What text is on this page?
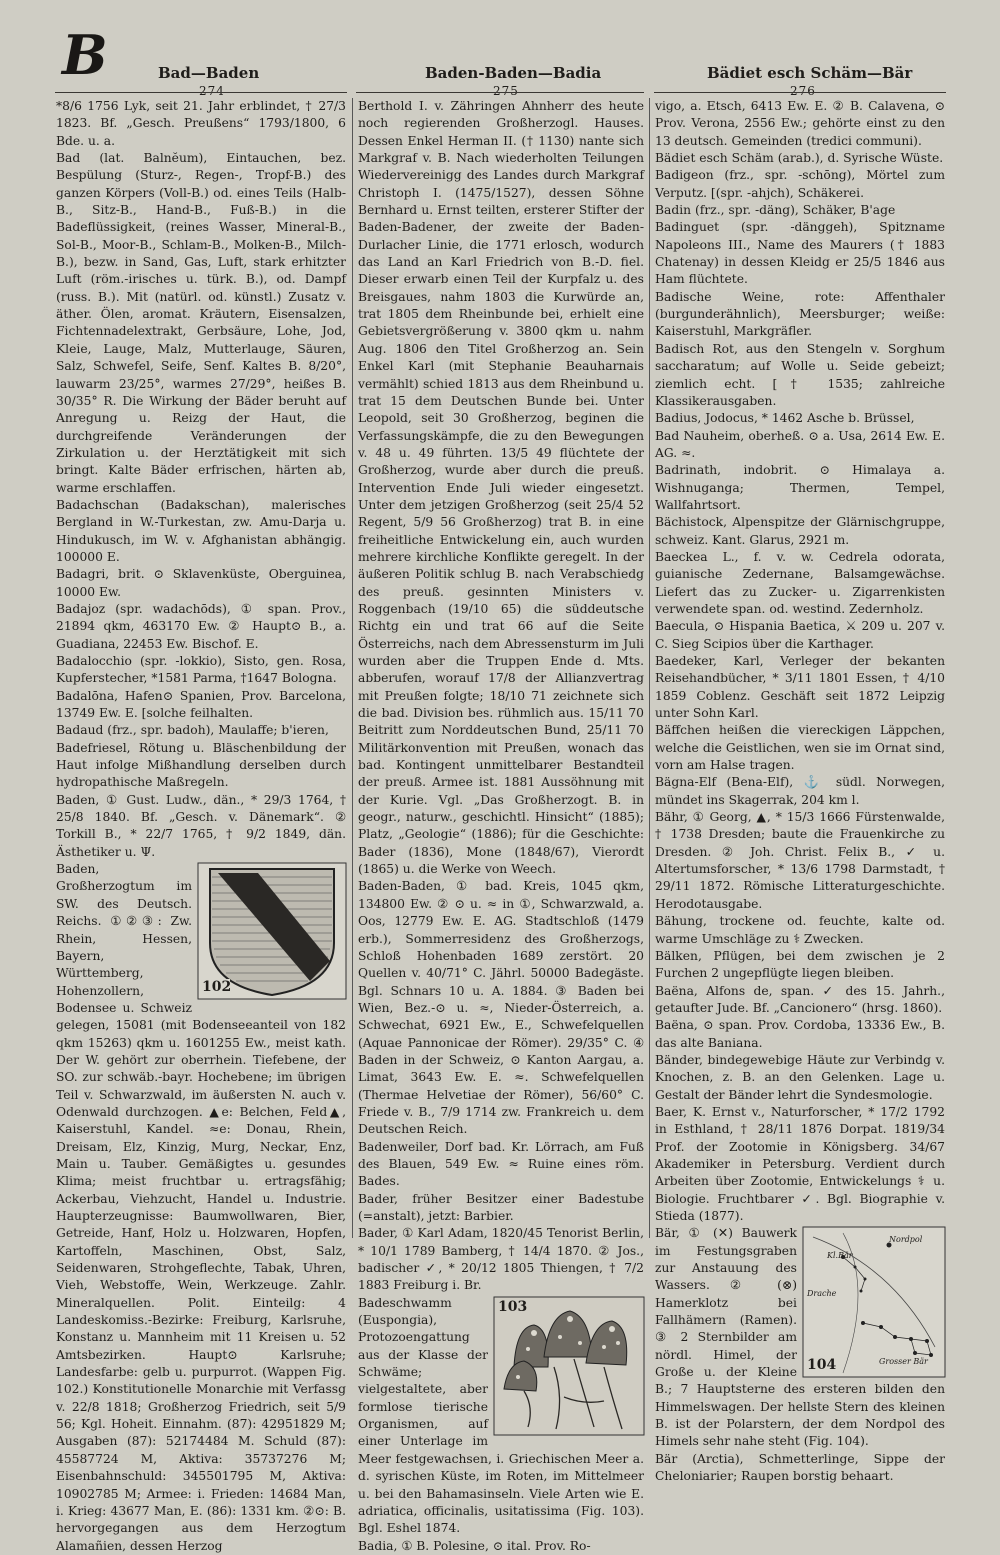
B	Bad—Baden	Baden-Baden—Badia	Bädiet esch Schäm—Bär
274	275	276

*8/6 1756 Lyk, seit 21. Jahr erblindet, † 27/3 1823. Bf. „Gesch. Preußens“ 1793/1800, 6 Bde. u. a.

Bad (lat. Balnĕum), Eintauchen, bez. Bespülung (Sturz-, Regen-, Tropf-B.) des ganzen Körpers (Voll-B.) od. eines Teils (Halb-B., Sitz-B., Hand-B., Fuß-B.) in die Badeflüssigkeit, (reines Wasser, Mineral-B., Sol-B., Moor-B., Schlam-B., Molken-B., Milch-B.), bezw. in Sand, Gas, Luft, stark erhitzter Luft (röm.-irisches u. türk. B.), od. Dampf (russ. B.). Mit (natürl. od. künstl.) Zusatz v. äther. Ölen, aromat. Kräutern, Eisensalzen, Fichtennadelextrakt, Gerbsäure, Lohe, Jod, Kleie, Lauge, Malz, Mutterlauge, Säuren, Salz, Schwefel, Seife, Senf. Kaltes B. 8/20°, lauwarm 23/25°, warmes 27/29°, heißes B. 30/35° R. Die Wirkung der Bäder beruht auf Anregung u. Reizg der Haut, die durchgreifende Veränderungen der Zirkulation u. der Herztätigkeit mit sich bringt. Kalte Bäder erfrischen, härten ab, warme erschlaffen.

Badachschan (Badakschan), malerisches Bergland in W.-Turkestan, zw. Amu-Darja u. Hindukusch, im W. v. Afghanistan abhängig. 100000 E.

Badagri, brit. ⊙ Sklavenküste, Oberguinea, 10000 Ew.

Badajoz (spr. wadachōds), ① span. Prov., 21894 qkm, 463170 Ew. ② Haupt⊙ B., a. Guadiana, 22453 Ew. Bischof. E.

Badalocchio (spr. -lokkio), Sisto, gen. Rosa, Kupferstecher, *1581 Parma, †1647 Bologna.

Badalōna, Hafen⊙ Spanien, Prov. Barcelona, 13749 Ew. E. [solche feilhalten.

Badaud (frz., spr. badoh), Maulaffe; b'ieren,

Badefriesel, Rötung u. Bläschenbildung der Haut infolge Mißhandlung derselben durch hydropathische Maßregeln.

Baden, ① Gust. Ludw., dän., * 29/3 1764, † 25/8 1840. Bf. „Gesch. v. Dänemark“. ② Torkill B., * 22/7 1765, † 9/2 1849, dän. Ästhetiker u. Ψ.

102

Baden, Großherzogtum im SW. des Deutsch. Reichs. ①②③: Zw. Rhein, Hessen, Bayern, Württemberg, Hohenzollern, Bodensee u. Schweiz gelegen, 15081 (mit Bodenseeanteil von 182 qkm 15263) qkm u. 1601255 Ew., meist kath. Der W. gehört zur oberrhein. Tiefebene, der SO. zur schwäb.-bayr. Hochebene; im übrigen Teil v. Schwarzwald, im äußersten N. auch v. Odenwald durchzogen. ▲e: Belchen, Feld▲, Kaiserstuhl, Kandel. ≈e: Donau, Rhein, Dreisam, Elz, Kinzig, Murg, Neckar, Enz, Main u. Tauber. Gemäßigtes u. gesundes Klima; meist fruchtbar u. ertragsfähig; Ackerbau, Viehzucht, Handel u. Industrie. Haupterzeugnisse: Baumwollwaren, Bier, Getreide, Hanf, Holz u. Holzwaren, Hopfen, Kartoffeln, Maschinen, Obst, Salz, Seidenwaren, Strohgeflechte, Tabak, Uhren, Vieh, Webstoffe, Wein, Werkzeuge. Zahlr. Mineralquellen. Polit. Einteilg: 4 Landeskomiss.-Bezirke: Freiburg, Karlsruhe, Konstanz u. Mannheim mit 11 Kreisen u. 52 Amtsbezirken. Haupt⊙ Karlsruhe; Landesfarbe: gelb u. purpurrot. (Wappen Fig. 102.) Konstitutionelle Monarchie mit Verfassg v. 22/8 1818; Großherzog Friedrich, seit 5/9 56; Kgl. Hoheit. Einnahm. (87): 42951829 M; Ausgaben (87): 52174484 M. Schuld (87): 45587724 M, Aktiva: 35737276 M; Eisenbahnschuld: 345501795 M, Aktiva: 10902785 M; Armee: i. Frieden: 14684 Man, i. Krieg: 43677 Man, E. (86): 1331 km. ②⊙: B. hervorgegangen aus dem Herzogtum Alamañien, dessen Herzog

Berthold I. v. Zähringen Ahnherr des heute noch regierenden Großherzogl. Hauses. Dessen Enkel Herman II. († 1130) nante sich Markgraf v. B. Nach wiederholten Teilungen Wiedervereinigg des Landes durch Markgraf Christoph I. (1475/1527), dessen Söhne Bernhard u. Ernst teilten, ersterer Stifter der Baden-Badener, der zweite der Baden-Durlacher Linie, die 1771 erlosch, wodurch das Land an Karl Friedrich von B.-D. fiel. Dieser erwarb einen Teil der Kurpfalz u. des Breisgaues, nahm 1803 die Kurwürde an, trat 1805 dem Rheinbunde bei, erhielt eine Gebietsvergrößerung v. 3800 qkm u. nahm Aug. 1806 den Titel Großherzog an. Sein Enkel Karl (mit Stephanie Beauharnais vermählt) schied 1813 aus dem Rheinbund u. trat 15 dem Deutschen Bunde bei. Unter Leopold, seit 30 Großherzog, beginen die Verfassungskämpfe, die zu den Bewegungen v. 48 u. 49 führten. 13/5 49 flüchtete der Großherzog, wurde aber durch die preuß. Intervention Ende Juli wieder eingesetzt. Unter dem jetzigen Großherzog (seit 25/4 52 Regent, 5/9 56 Großherzog) trat B. in eine freiheitliche Entwickelung ein, auch wurden mehrere kirchliche Konflikte geregelt. In der äußeren Politik schlug B. nach Verabschiedg des preuß. gesinnten Ministers v. Roggenbach (19/10 65) die süddeutsche Richtg ein und trat 66 auf die Seite Österreichs, nach dem Abressensturm im Juli wurden aber die Truppen Ende d. Mts. abberufen, worauf 17/8 der Allianzvertrag mit Preußen folgte; 18/10 71 zeichnete sich die bad. Division bes. rühmlich aus. 15/11 70 Beitritt zum Norddeutschen Bund, 25/11 70 Militärkonvention mit Preußen, wonach das bad. Kontingent unmittelbarer Bestandteil der preuß. Armee ist. 1881 Aussöhnung mit der Kurie. Vgl. „Das Großherzogt. B. in geogr., naturw., geschichtl. Hinsicht“ (1885); Platz, „Geologie“ (1886); für die Geschichte: Bader (1836), Mone (1848/67), Vierordt (1865) u. die Werke von Weech.

Baden-Baden, ① bad. Kreis, 1045 qkm, 134800 Ew. ② ⊙ u. ≈ in ①, Schwarzwald, a. Oos, 12779 Ew. E. AG. Stadtschloß (1479 erb.), Sommerresidenz des Großherzogs, Schloß Hohenbaden 1689 zerstört. 20 Quellen v. 40/71° C. Jährl. 50000 Badegäste. Bgl. Schnars 10 u. A. 1884. ③ Baden bei Wien, Bez.-⊙ u. ≈, Nieder-Österreich, a. Schwechat, 6921 Ew., E., Schwefelquellen (Aquae Pannonicae der Römer). 29/35° C. ④ Baden in der Schweiz, ⊙ Kanton Aargau, a. Limat, 3643 Ew. E. ≈. Schwefelquellen (Thermae Helvetiae der Römer), 56/60° C. Friede v. B., 7/9 1714 zw. Frankreich u. dem Deutschen Reich.

Badenweiler, Dorf bad. Kr. Lörrach, am Fuß des Blauen, 549 Ew. ≈ Ruine eines röm. Bades.

Bader, früher Besitzer einer Badestube (=anstalt), jetzt: Barbier.

Bader, ① Karl Adam, 1820/45 Tenorist Berlin, * 10/1 1789 Bamberg, † 14/4 1870. ② Jos., badischer ✓, * 20/12 1805 Thiengen, † 7/2 1883 Freiburg i. Br.

103

Badeschwamm (Euspongia), Protozoengattung aus der Klasse der Schwäme; vielgestaltete, aber formlose tierische Organismen, auf einer Unterlage im Meer festgewachsen, i. Griechischen Meer a. d. syrischen Küste, im Roten, im Mittelmeer u. bei den Bahamasinseln. Viele Arten wie E. adriatica, officinalis, usitatissima (Fig. 103). Bgl. Eshel 1874.

Badia, ① B. Polesine, ⊙ ital. Prov. Ro-

vigo, a. Etsch, 6413 Ew. E. ② B. Calavena, ⊙ Prov. Verona, 2556 Ew.; gehörte einst zu den 13 deutsch. Gemeinden (tredici communi).

Bädiet esch Schäm (arab.), d. Syrische Wüste.

Badigeon (frz., spr. -schōng), Mörtel zum Verputz. [(spr. -ahjch), Schäkerei.

Badin (frz., spr. -däng), Schäker, B'age

Badinguet (spr. -dänggeh), Spitzname Napoleons III., Name des Maurers († 1883 Chatenay) in dessen Kleidg er 25/5 1846 aus Ham flüchtete.

Badische Weine, rote: Affenthaler (burgunderähnlich), Meersburger; weiße: Kaiserstuhl, Markgräfler.

Badisch Rot, aus den Stengeln v. Sorghum saccharatum; auf Wolle u. Seide gebeizt; ziemlich echt. [† 1535; zahlreiche Klassikerausgaben.

Badius, Jodocus, * 1462 Asche b. Brüssel,

Bad Nauheim, oberheß. ⊙ a. Usa, 2614 Ew. E. AG. ≈.

Badrinath, indobrit. ⊙ Himalaya a. Wishnuganga; Thermen, Tempel, Wallfahrtsort.

Bächistock, Alpenspitze der Glärnischgruppe, schweiz. Kant. Glarus, 2921 m.

Baeckea L., f. v. w. Cedrela odorata, guianische Zedernane, Balsamgewächse. Liefert das zu Zucker- u. Zigarrenkisten verwendete span. od. westind. Zedernholz.

Baecula, ⊙ Hispania Baetica, ⚔ 209 u. 207 v. C. Sieg Scipios über die Karthager.

Baedeker, Karl, Verleger der bekanten Reisehandbücher, * 3/11 1801 Essen, † 4/10 1859 Coblenz. Geschäft seit 1872 Leipzig unter Sohn Karl.

Bäffchen heißen die viereckigen Läppchen, welche die Geistlichen, wen sie im Ornat sind, vorn am Halse tragen.

Bägna-Elf (Bena-Elf), ⚓ südl. Norwegen, mündet ins Skagerrak, 204 km l.

Bähr, ① Georg, ▲, * 15/3 1666 Fürstenwalde, † 1738 Dresden; baute die Frauenkirche zu Dresden. ② Joh. Christ. Felix B., ✓ u. Altertumsforscher, * 13/6 1798 Darmstadt, † 29/11 1872. Römische Litteraturgeschichte. Herodotausgabe.

Bähung, trockene od. feuchte, kalte od. warme Umschläge zu ⚕ Zwecken.

Bälken, Pflügen, bei dem zwischen je 2 Furchen 2 ungepflügte liegen bleiben.

Baëna, Alfons de, span. ✓ des 15. Jahrh., getaufter Jude. Bf. „Cancionero“ (hrsg. 1860).

Baëna, ⊙ span. Prov. Cordoba, 13336 Ew., B. das alte Baniana.

Bänder, bindegewebige Häute zur Verbindg v. Knochen, z. B. an den Gelenken. Lage u. Gestalt der Bänder lehrt die Syndesmologie.

Baer, K. Ernst v., Naturforscher, * 17/2 1792 in Esthland, † 28/11 1876 Dorpat. 1819/34 Prof. der Zootomie in Königsberg. 34/67 Akademiker in Petersburg. Verdient durch Arbeiten über Zootomie, Entwickelungs ⚕ u. Biologie. Fruchtbarer ✓. Bgl. Biographie v. Stieda (1877).

Kl.Bär
Drache
Grosser Bär
Nordpol
104

Bär, ① (✕) Bauwerk im Festungsgraben zur Anstauung des Wassers. ② (⊗) Hamerklotz bei Fallhämern (Ramen). ③ 2 Sternbilder am nördl. Himel, der Große u. der Kleine B.; 7 Hauptsterne des ersteren bilden den Himmelswagen. Der hellste Stern des kleinen B. ist der Polarstern, der dem Nordpol des Himels sehr nahe steht (Fig. 104).

Bär (Arctia), Schmetterlinge, Sippe der Cheloniarier; Raupen borstig behaart.
